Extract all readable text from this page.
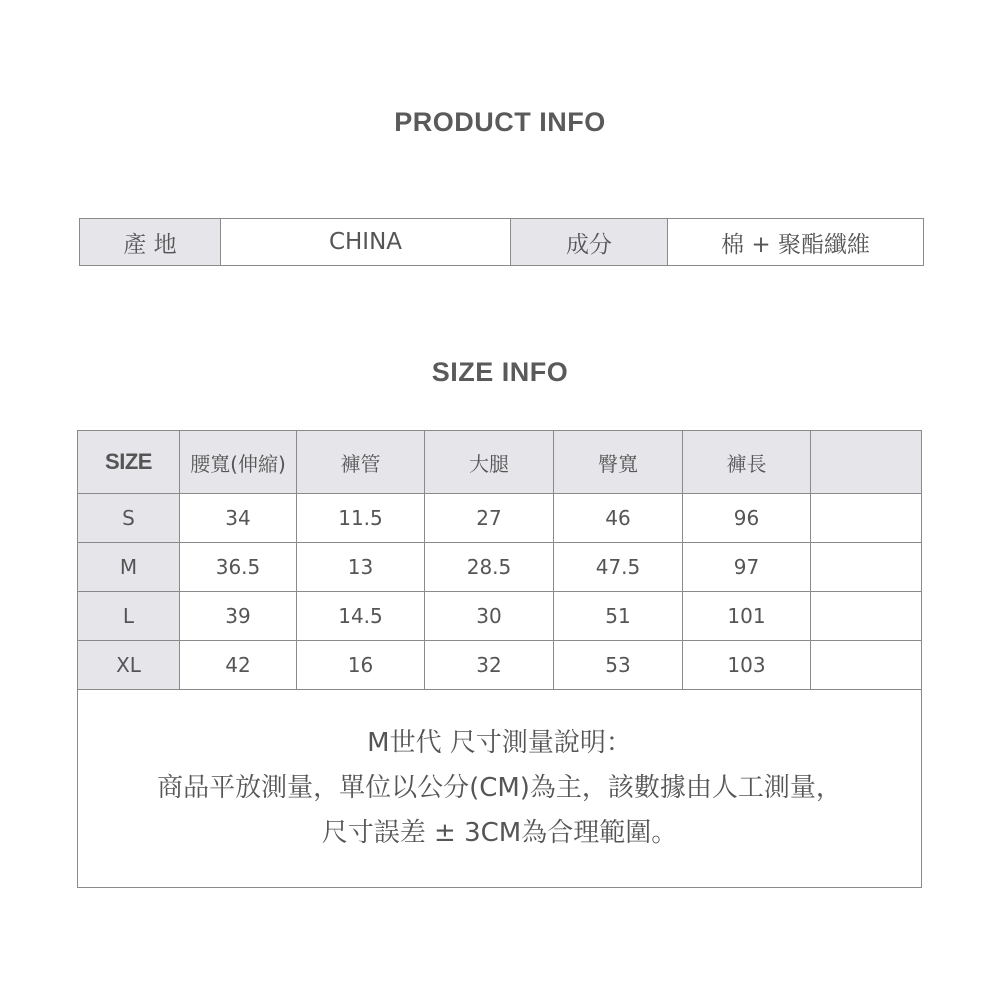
PRODUCT INFO
產 地	CHINA	成分	棉 + 聚酯纖維
SIZE INFO
SIZE	腰寬(伸縮)	褲管	大腿	臀寬	褲長	
S	34	11.5	27	46	96	
M	36.5	13	28.5	47.5	97	
L	39	14.5	30	51	101	
XL	42	16	32	53	103	

M世代 尺寸測量說明：
商品平放測量，單位以公分(CM)為主，該數據由人工測量，
尺寸誤差 ± 3CM為合理範圍。						
